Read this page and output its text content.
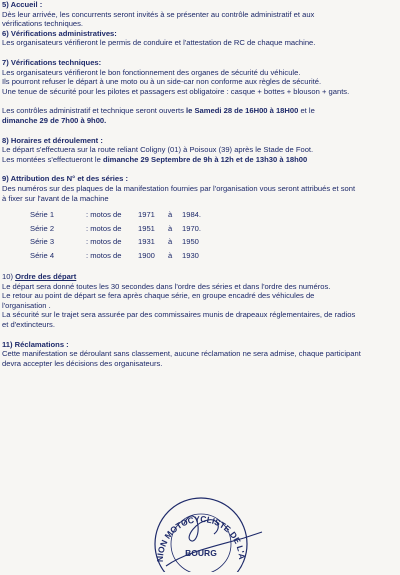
5) Accueil :
Dès leur arrivée, les concurrents seront invités à se présenter au contrôle administratif et aux
vérifications techniques.
6) Vérifications administratives:
Les organisateurs vérifieront le permis de conduire et l'attestation de RC de chaque machine.
7) Vérifications techniques:
Les organisateurs vérifieront le bon fonctionnement des organes de sécurité du véhicule.
Ils pourront refuser le départ à une moto ou à un side-car non conforme aux règles de sécurité.
Une tenue de sécurité pour les pilotes et passagers est obligatoire : casque + bottes + blouson + gants.
Les contrôles administratif et technique seront ouverts le Samedi 28 de 16H00 à 18H00 et le
dimanche 29 de 7h00 à 9h00.
8) Horaires et déroulement :
Le départ s'effectuera sur la route reliant Coligny (01) à Poisoux (39) après le Stade de Foot.
Les montées s'effectueront le dimanche 29 Septembre de 9h à 12h et de 13h30 à 18h00
9) Attribution des N° et des séries :
Des numéros sur des plaques de la manifestation fournies par l'organisation vous seront attribués et sont
à fixer sur l'avant de la machine
Série 1	: motos de	1971	à	1984.
Série 2	: motos de	1951	à	1970.
Série 3	: motos de	1931	à	1950
Série 4	: motos de	1900	à	1930
10) Ordre des départ
Le départ sera donné toutes les 30 secondes dans l'ordre des séries et dans l'ordre des numéros.
Le retour au point de départ se fera après chaque série, en groupe encadré des véhicules de
l'organisation .
La sécurité sur le trajet sera assurée par des commissaires munis de drapeaux réglementaires, de radios
et d'extincteurs.
11) Réclamations :
Cette manifestation se déroulant sans classement, aucune réclamation ne sera admise, chaque participant
devra accepter les décisions des organisateurs.
NION MOTOCYCLISTE DE L'A
BOURG
